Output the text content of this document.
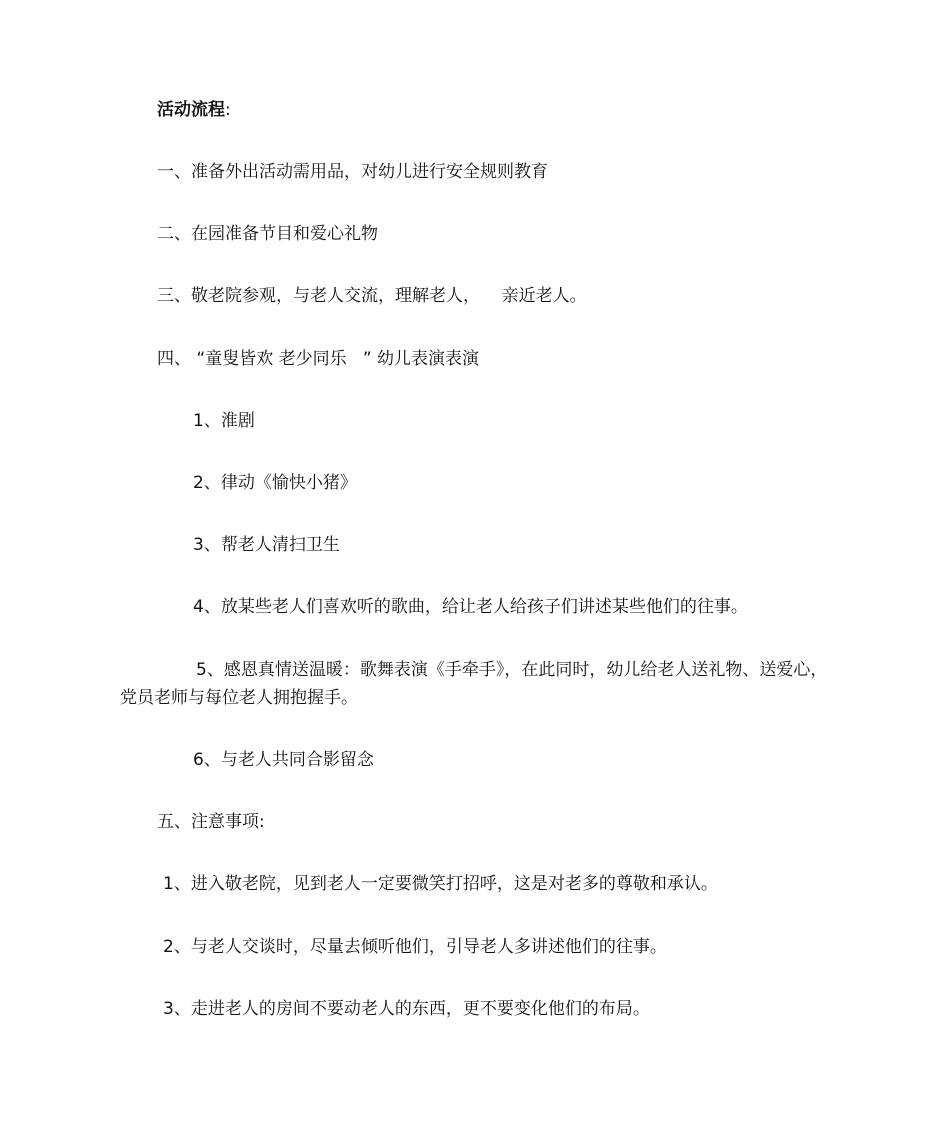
活动流程:
一、准备外出活动需用品，对幼儿进行安全规则教育
二、在园准备节目和爱心礼物
三、敬老院参观，与老人交流，理解老人，    亲近老人。
四、 “童叟皆欢 老少同乐   ” 幼儿表演表演
1、淮剧
2、律动《愉快小猪》
3、帮老人清扫卫生
4、放某些老人们喜欢听的歌曲，给让老人给孩子们讲述某些他们的往事。
5、感恩真情送温暖：歌舞表演《手牵手》，在此同时，幼儿给老人送礼物、送爱心，党员老师与每位老人拥抱握手。
6、与老人共同合影留念
五、注意事项:
1、进入敬老院，见到老人一定要微笑打招呼，这是对老多的尊敬和承认。
2、与老人交谈时，尽量去倾听他们，引导老人多讲述他们的往事。
3、走进老人的房间不要动老人的东西，更不要变化他们的布局。
